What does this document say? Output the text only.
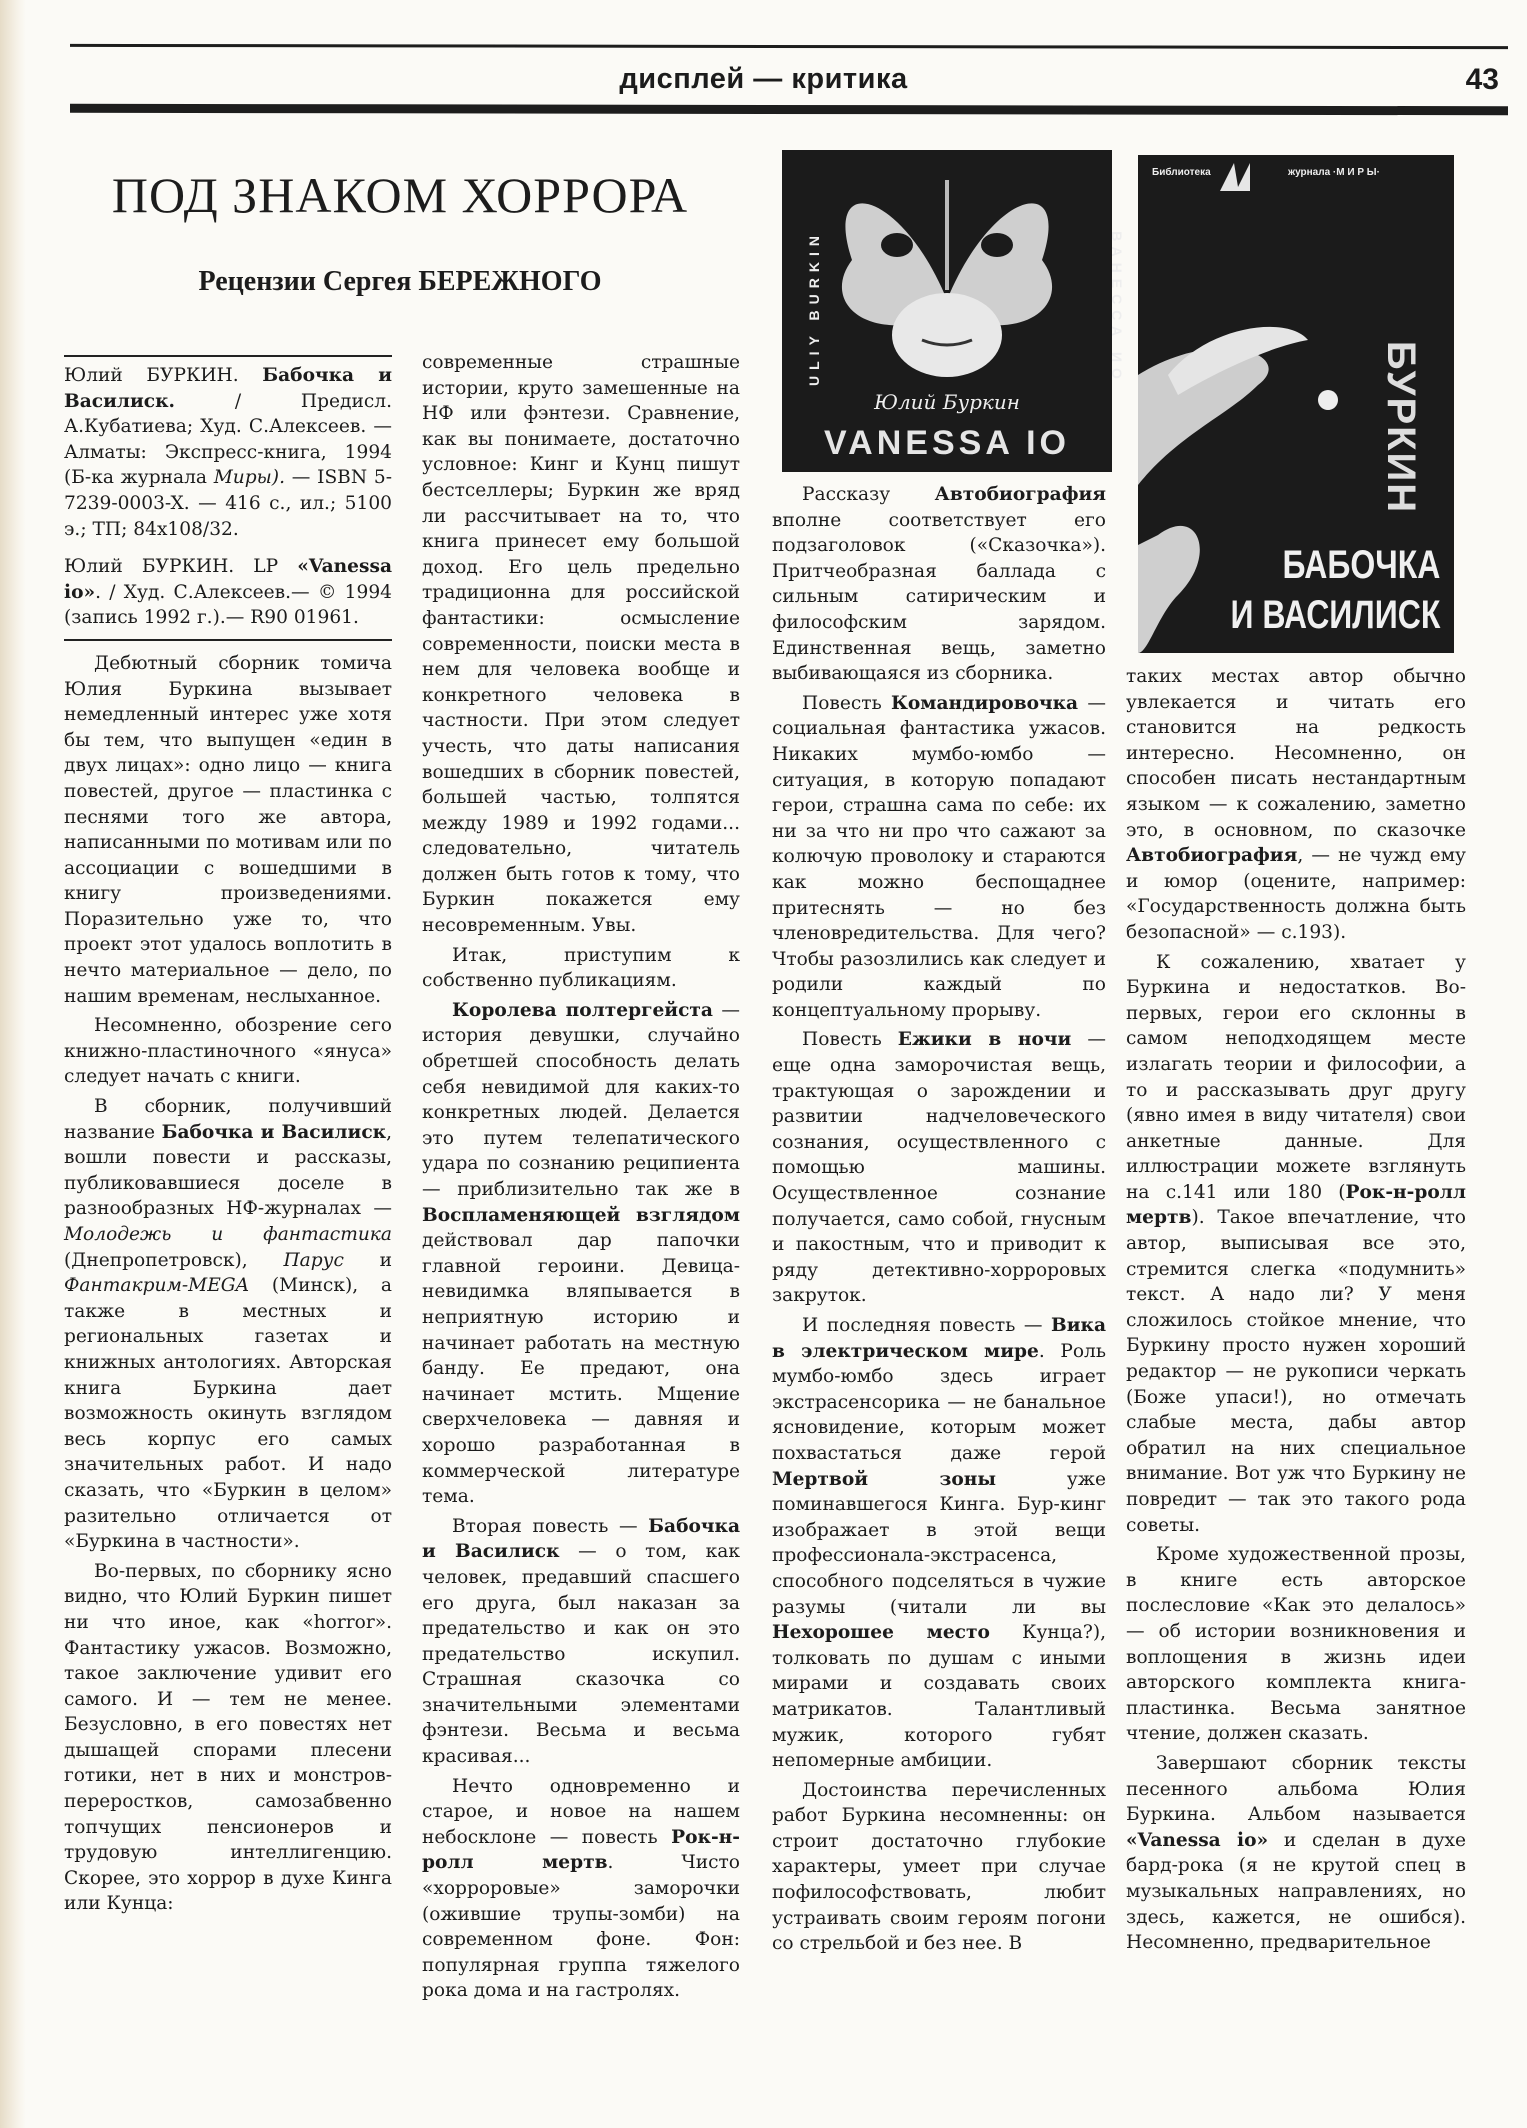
дисплей — критика	43
ПОД ЗНАКОМ ХОРРОРА
Рецензии Сергея БЕРЕЖНОГО

Юлий БУРКИН. Бабочка и Василиск. / Предисл. А.Кубатиева; Худ. С.Алексеев. — Алматы: Экспресс-книга, 1994 (Б-ка журнала Миры). — ISBN 5-7239-0003-X. — 416 с., ил.; 5100 э.; ТП; 84x108/32.

Юлий БУРКИН. LP «Vanessa io». / Худ. С.Алексеев.— © 1994 (запись 1992 г.).— R90 01961.

Дебютный сборник томича Юлия Буркина вызывает немедленный интерес уже хотя бы тем, что выпущен «един в двух лицах»: одно лицо — книга повестей, другое — пластинка с песнями того же автора, написанными по мотивам или по ассоциации с вошедшими в книгу произведениями. Поразительно уже то, что проект этот удалось воплотить в нечто материальное — дело, по нашим временам, неслыханное.

Несомненно, обозрение сего книжно-пластиночного «януса» следует начать с книги.

В сборник, получивший название Бабочка и Василиск, вошли повести и рассказы, публиковавшиеся доселе в разнообразных НФ-журналах — Молодежь и фантастика (Днепропетровск), Парус и Фантакрим-MEGA (Минск), а также в местных и региональных газетах и книжных антологиях. Авторская книга Буркина дает возможность окинуть взглядом весь корпус его самых значительных работ. И надо сказать, что «Буркин в целом» разительно отличается от «Буркина в частности».

Во-первых, по сборнику ясно видно, что Юлий Буркин пишет ни что иное, как «horror». Фантастику ужасов. Возможно, такое заключение удивит его самого. И — тем не менее. Безусловно, в его повестях нет дышащей спорами плесени готики, нет в них и монстров-переростков, самозабвенно топчущих пенсионеров и трудовую интеллигенцию. Скорее, это хоррор в духе Кинга или Кунца:

современные страшные истории, круто замешенные на НФ или фэнтези. Сравнение, как вы понимаете, достаточно условное: Кинг и Кунц пишут бестселлеры; Буркин же вряд ли рассчитывает на то, что книга принесет ему большой доход. Его цель предельно традиционна для российской фантастики: осмысление современности, поиски места в нем для человека вообще и конкретного человека в частности. При этом следует учесть, что даты написания вошедших в сборник повестей, большей частью, толпятся между 1989 и 1992 годами... следовательно, читатель должен быть готов к тому, что Буркин покажется ему несовременным. Увы.

Итак, приступим к собственно публикациям.

Королева полтергейста — история девушки, случайно обретшей способность делать себя невидимой для каких-то конкретных людей. Делается это путем телепатического удара по сознанию реципиента — приблизительно так же в Воспламеняющей взглядом действовал дар папочки главной героини. Девица-невидимка вляпывается в неприятную историю и начинает работать на местную банду. Ее предают, она начинает мстить. Мщение сверхчеловека — давняя и хорошо разработанная в коммерческой литературе тема.

Вторая повесть — Бабочка и Василиск — о том, как человек, предавший спасшего его друга, был наказан за предательство и как он это предательство искупил. Страшная сказочка со значительными элементами фэнтези. Весьма и весьма красивая...

Нечто одновременно и старое, и новое на нашем небосклоне — повесть Рок-н-ролл мертв. Чисто «хорроровые» заморочки (ожившие трупы-зомби) на современном фоне. Фон: популярная группа тяжелого рока дома и на гастролях.

ULIY BURKIN	ВАНЕССА ИО
Юлий Буркин
VANESSA IO
Библиотека	журнала ·М И Р Ы·
БУРКИН
БАБОЧКА
И ВАСИЛИСК

Рассказу Автобиография вполне соответствует его подзаголовок («Сказочка»). Притчеобразная баллада с сильным сатирическим и философским зарядом. Единственная вещь, заметно выбивающаяся из сборника.

Повесть Командировочка — социальная фантастика ужасов. Никаких мумбо-юмбо — ситуация, в которую попадают герои, страшна сама по себе: их ни за что ни про что сажают за колючую проволоку и стараются как можно беспощаднее притеснять — но без членовредительства. Для чего? Чтобы разозлились как следует и родили каждый по концептуальному прорыву.

Повесть Ежики в ночи — еще одна заморочистая вещь, трактующая о зарождении и развитии надчеловеческого сознания, осуществленного с помощью машины. Осуществленное сознание получается, само собой, гнусным и пакостным, что и приводит к ряду детективно-хорроровых закруток.

И последняя повесть — Вика в электрическом мире. Роль мумбо-юмбо здесь играет экстрасенсорика — не банальное ясновидение, которым может похвастаться даже герой Мертвой зоны уже поминавшегося Кинга. Бур-кинг изображает в этой вещи профессионала-экстрасенса, способного подселяться в чужие разумы (читали ли вы Нехорошее место Кунца?), толковать по душам с иными мирами и создавать своих матрикатов. Талантливый мужик, которого губят непомерные амбиции.

Достоинства перечисленных работ Буркина несомненны: он строит достаточно глубокие характеры, умеет при случае пофилософствовать, любит устраивать своим героям погони со стрельбой и без нее. В

таких местах автор обычно увлекается и читать его становится на редкость интересно. Несомненно, он способен писать нестандартным языком — к сожалению, заметно это, в основном, по сказочке Автобиография, — не чужд ему и юмор (оцените, например: «Государственность должна быть безопасной» — с.193).

К сожалению, хватает у Буркина и недостатков. Во-первых, герои его склонны в самом неподходящем месте излагать теории и философии, а то и рассказывать друг другу (явно имея в виду читателя) свои анкетные данные. Для иллюстрации можете взглянуть на с.141 или 180 (Рок-н-ролл мертв). Такое впечатление, что автор, выписывая все это, стремится слегка «подумнить» текст. А надо ли? У меня сложилось стойкое мнение, что Буркину просто нужен хороший редактор — не рукописи черкать (Боже упаси!), но отмечать слабые места, дабы автор обратил на них специальное внимание. Вот уж что Буркину не повредит — так это такого рода советы.

Кроме художественной прозы, в книге есть авторское послесловие «Как это делалось» — об истории возникновения и воплощения в жизнь идеи авторского комплекта книга-пластинка. Весьма занятное чтение, должен сказать.

Завершают сборник тексты песенного альбома Юлия Буркина. Альбом называется «Vanessa io» и сделан в духе бард-рока (я не крутой спец в музыкальных направлениях, но здесь, кажется, не ошибся). Несомненно, предварительное
